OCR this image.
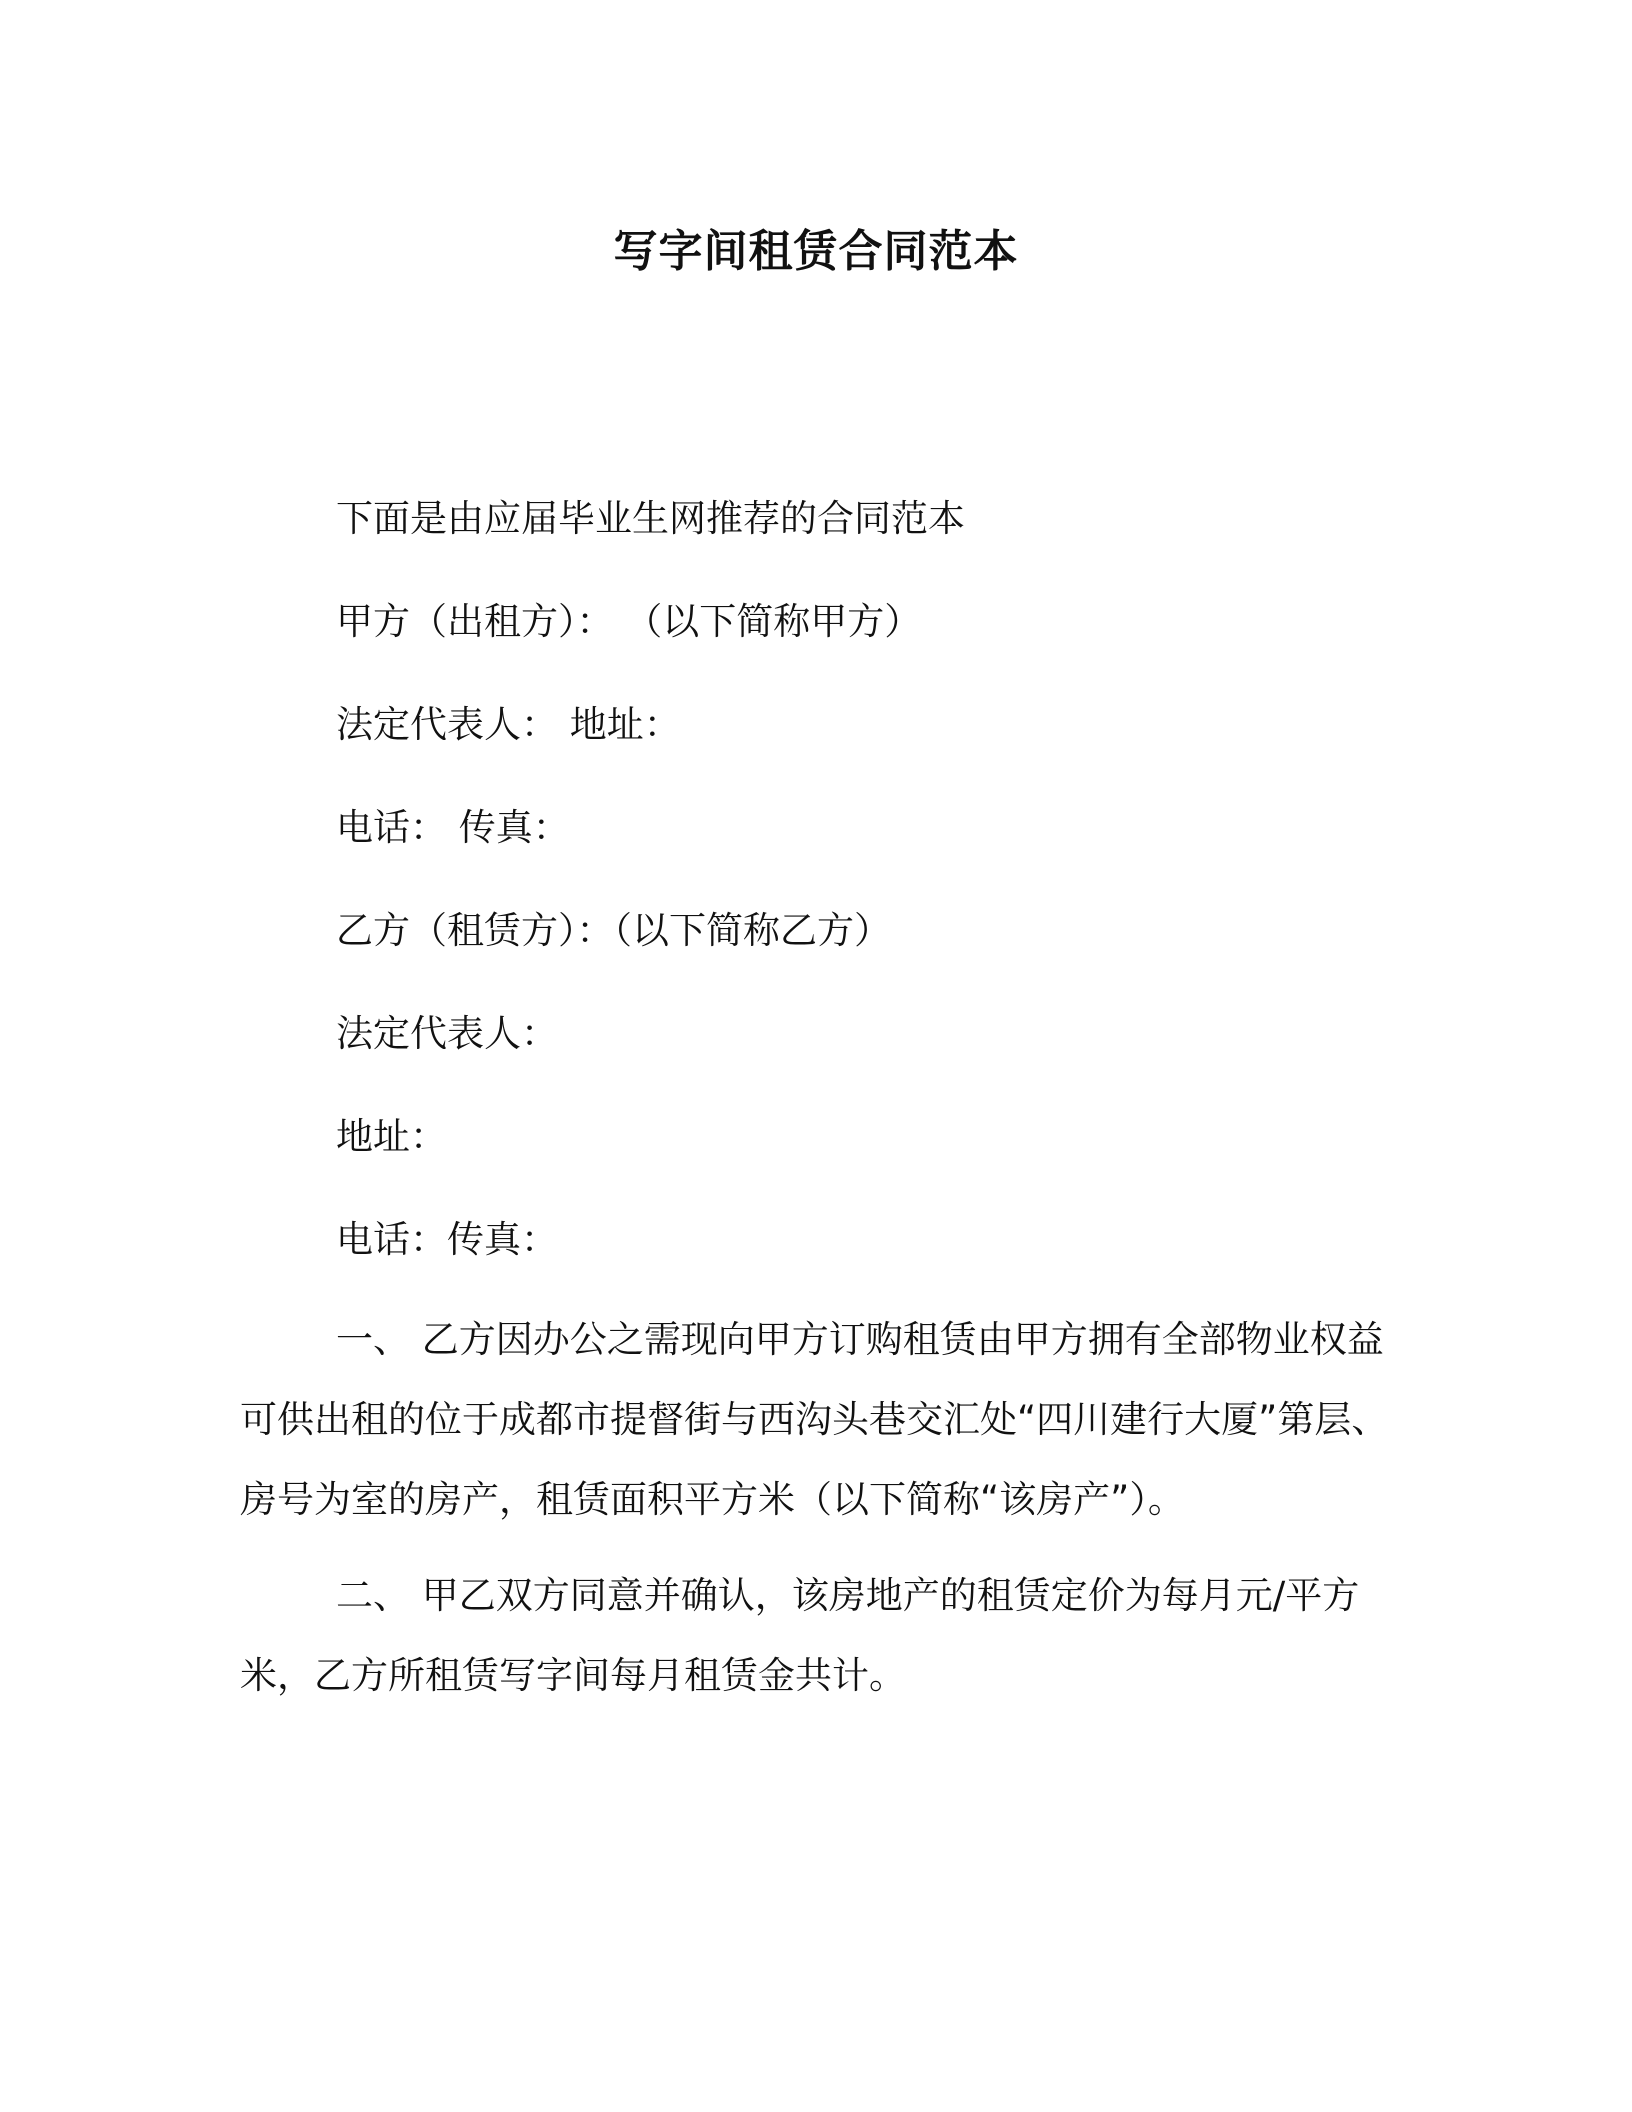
写字间租赁合同范本

下面是由应届毕业生网推荐的合同范本

甲方（出租方）： （以下简称甲方）

法定代表人： 地址：

电话： 传真：

乙方（租赁方）：（以下简称乙方）

法定代表人：

地址：

电话：传真：

一、 乙方因办公之需现向甲方订购租赁由甲方拥有全部物业权益可供出租的位于成都市提督街与西沟头巷交汇处“四川建行大厦”第层、房号为室的房产，租赁面积平方米（以下简称“该房产”）。

二、 甲乙双方同意并确认，该房地产的租赁定价为每月元/平方米，乙方所租赁写字间每月租赁金共计。
